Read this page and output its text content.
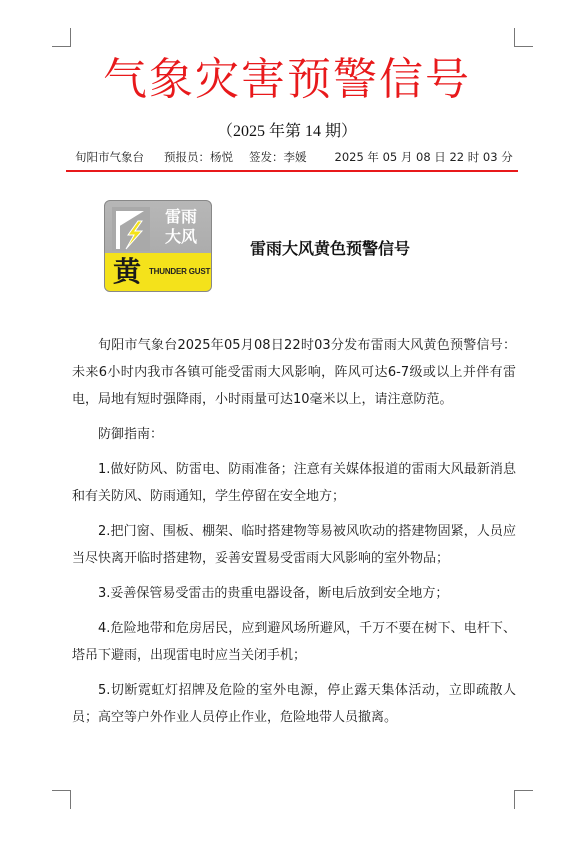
气象灾害预警信号
（2025 年第 14 期）
旬阳市气象台 预报员：杨悦 签发：李媛 2025 年 05 月 08 日 22 时 03 分
雷雨
大风
黄 THUNDER GUST
雷雨大风黄色预警信号

旬阳市气象台2025年05月08日22时03分发布雷雨大风黄色预警信号：未来6小时内我市各镇可能受雷雨大风影响，阵风可达6-7级或以上并伴有雷电，局地有短时强降雨，小时雨量可达10毫米以上，请注意防范。

防御指南：

1.做好防风、防雷电、防雨准备；注意有关媒体报道的雷雨大风最新消息和有关防风、防雨通知，学生停留在安全地方；

2.把门窗、围板、棚架、临时搭建物等易被风吹动的搭建物固紧，人员应当尽快离开临时搭建物，妥善安置易受雷雨大风影响的室外物品；

3.妥善保管易受雷击的贵重电器设备，断电后放到安全地方；

4.危险地带和危房居民，应到避风场所避风，千万不要在树下、电杆下、塔吊下避雨，出现雷电时应当关闭手机；

5.切断霓虹灯招牌及危险的室外电源，停止露天集体活动，立即疏散人员；高空等户外作业人员停止作业，危险地带人员撤离。
